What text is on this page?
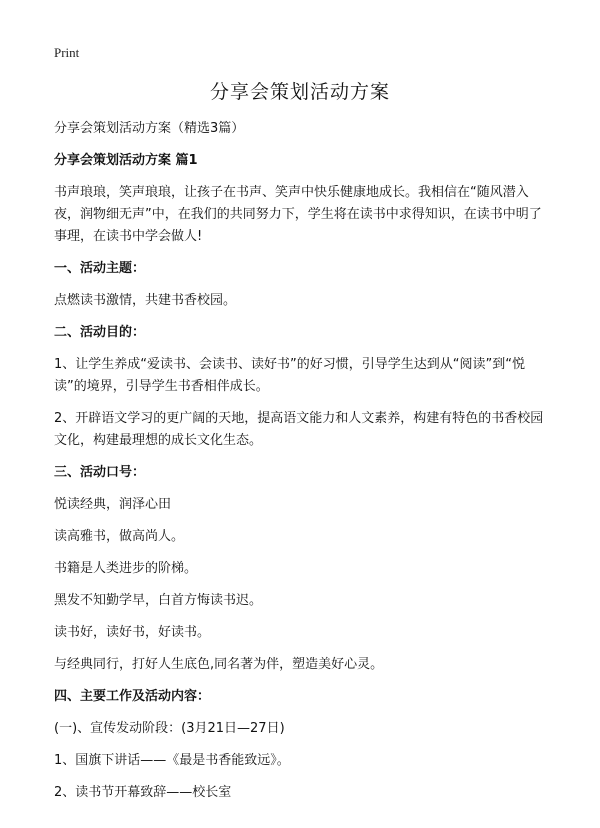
Print
分享会策划活动方案

分享会策划活动方案（精选3篇）

分享会策划活动方案 篇1

书声琅琅，笑声琅琅，让孩子在书声、笑声中快乐健康地成长。我相信在“随风潜入夜，润物细无声”中，在我们的共同努力下，学生将在读书中求得知识，在读书中明了事理，在读书中学会做人!

一、活动主题：

点燃读书激情，共建书香校园。

二、活动目的：

1、让学生养成“爱读书、会读书、读好书”的好习惯，引导学生达到从“阅读”到“悦读”的境界，引导学生书香相伴成长。

2、开辟语文学习的更广阔的天地，提高语文能力和人文素养，构建有特色的书香校园文化，构建最理想的成长文化生态。

三、活动口号：

悦读经典，润泽心田

读高雅书，做高尚人。

书籍是人类进步的阶梯。

黑发不知勤学早，白首方悔读书迟。

读书好，读好书，好读书。

与经典同行，打好人生底色,同名著为伴，塑造美好心灵。

四、主要工作及活动内容：

(一)、宣传发动阶段：(3月21日—27日)

1、国旗下讲话——《最是书香能致远》。

2、读书节开幕致辞——校长室
